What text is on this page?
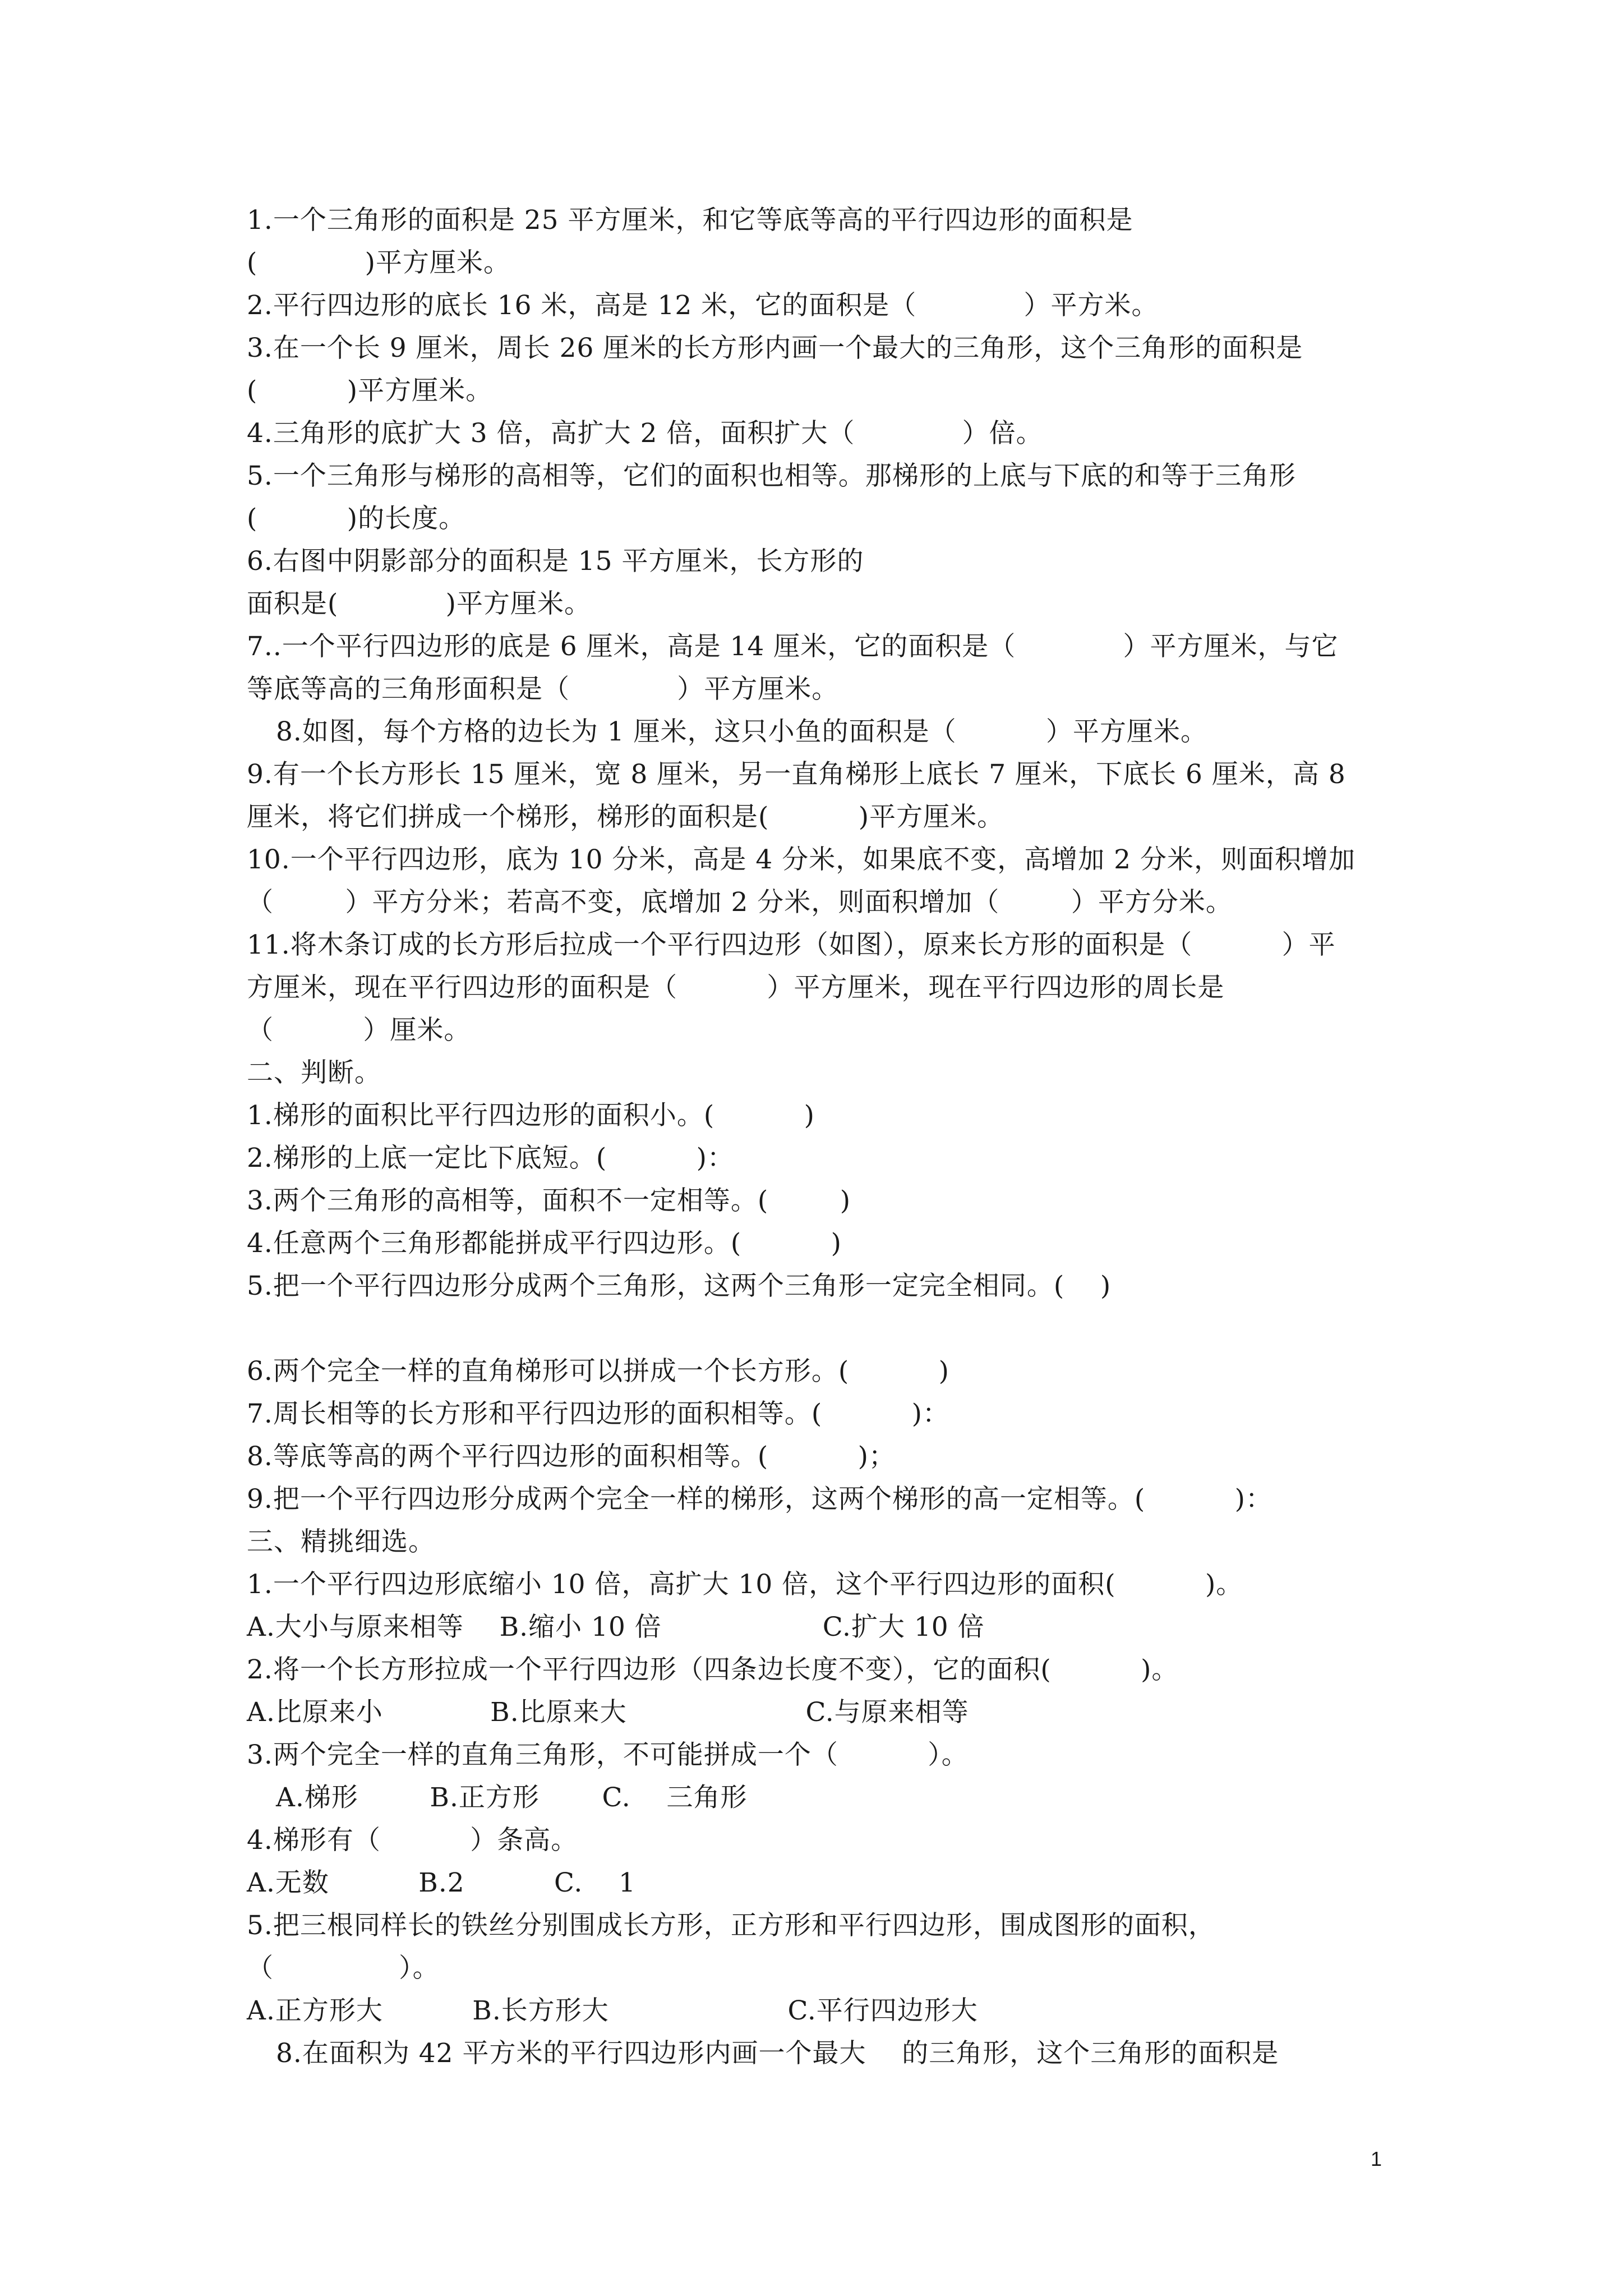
1.一个三角形的面积是 25 平方厘米，和它等底等高的平行四边形的面积是
(            )平方厘米。
2.平行四边形的底长 16 米，高是 12 米，它的面积是（            ）平方米。
3.在一个长 9 厘米，周长 26 厘米的长方形内画一个最大的三角形，这个三角形的面积是
(          )平方厘米。
4.三角形的底扩大 3 倍，高扩大 2 倍，面积扩大（            ）倍。
5.一个三角形与梯形的高相等，它们的面积也相等。那梯形的上底与下底的和等于三角形
(          )的长度。
6.右图中阴影部分的面积是 15 平方厘米，长方形的
面积是(            )平方厘米。
7..一个平行四边形的底是 6 厘米，高是 14 厘米，它的面积是（            ）平方厘米，与它
等底等高的三角形面积是（            ）平方厘米。
8.如图，每个方格的边长为 1 厘米，这只小鱼的面积是（          ）平方厘米。
9.有一个长方形长 15 厘米，宽 8 厘米，另一直角梯形上底长 7 厘米，下底长 6 厘米，高 8
厘米，将它们拼成一个梯形，梯形的面积是(          )平方厘米。
10.一个平行四边形，底为 10 分米，高是 4 分米，如果底不变，高增加 2 分米，则面积增加
（        ）平方分米；若高不变，底增加 2 分米，则面积增加（        ）平方分米。
11.将木条订成的长方形后拉成一个平行四边形（如图），原来长方形的面积是（          ）平
方厘米，现在平行四边形的面积是（          ）平方厘米，现在平行四边形的周长是
（          ）厘米。
二、判断。
1.梯形的面积比平行四边形的面积小。(          )
2.梯形的上底一定比下底短。(          )：
3.两个三角形的高相等，面积不一定相等。(        )
4.任意两个三角形都能拼成平行四边形。(          )
5.把一个平行四边形分成两个三角形，这两个三角形一定完全相同。(    )
6.两个完全一样的直角梯形可以拼成一个长方形。(          )
7.周长相等的长方形和平行四边形的面积相等。(          )：
8.等底等高的两个平行四边形的面积相等。(          )；
9.把一个平行四边形分成两个完全一样的梯形，这两个梯形的高一定相等。(          )：
三、精挑细选。
1.一个平行四边形底缩小 10 倍，高扩大 10 倍，这个平行四边形的面积(          )。
A.大小与原来相等    B.缩小 10 倍                  C.扩大 10 倍
2.将一个长方形拉成一个平行四边形（四条边长度不变），它的面积(          )。
A.比原来小            B.比原来大                    C.与原来相等
3.两个完全一样的直角三角形，不可能拼成一个（          ）。
A.梯形        B.正方形       C.    三角形
4.梯形有（          ）条高。
A.无数          B.2          C.    1
5.把三根同样长的铁丝分别围成长方形，正方形和平行四边形，围成图形的面积，
（              ）。
A.正方形大          B.长方形大                    C.平行四边形大
8.在面积为 42 平方米的平行四边形内画一个最大    的三角形，这个三角形的面积是
1
